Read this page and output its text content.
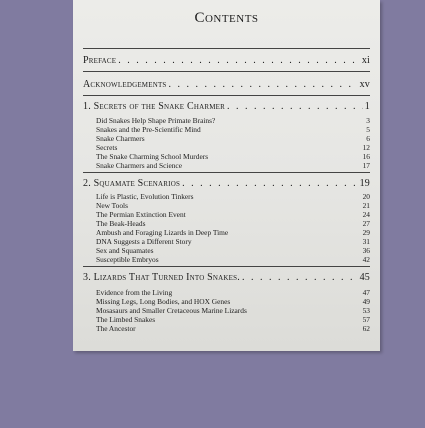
Contents
Preface . . .	xi
Acknowledgements . . .	xv
1. Secrets of the Snake Charmer . . .	1
Did Snakes Help Shape Primate Brains?	3
Snakes and the Pre-Scientific Mind	5
Snake Charmers	6
Secrets	12
The Snake Charming School Murders	16
Snake Charmers and Science	17
2. Squamate Scenarios . . .	19
Life is Plastic, Evolution Tinkers	20
New Tools	21
The Permian Extinction Event	24
The Beak-Heads	27
Ambush and Foraging Lizards in Deep Time	29
DNA Suggests a Different Story	31
Sex and Squamates	36
Susceptible Embryos	42
3. Lizards That Turned Into Snakes. . . .	45
Evidence from the Living	47
Missing Legs, Long Bodies, and HOX Genes	49
Mosasaurs and Smaller Cretaceous Marine Lizards	53
The Limbed Snakes	57
The Ancestor	62
